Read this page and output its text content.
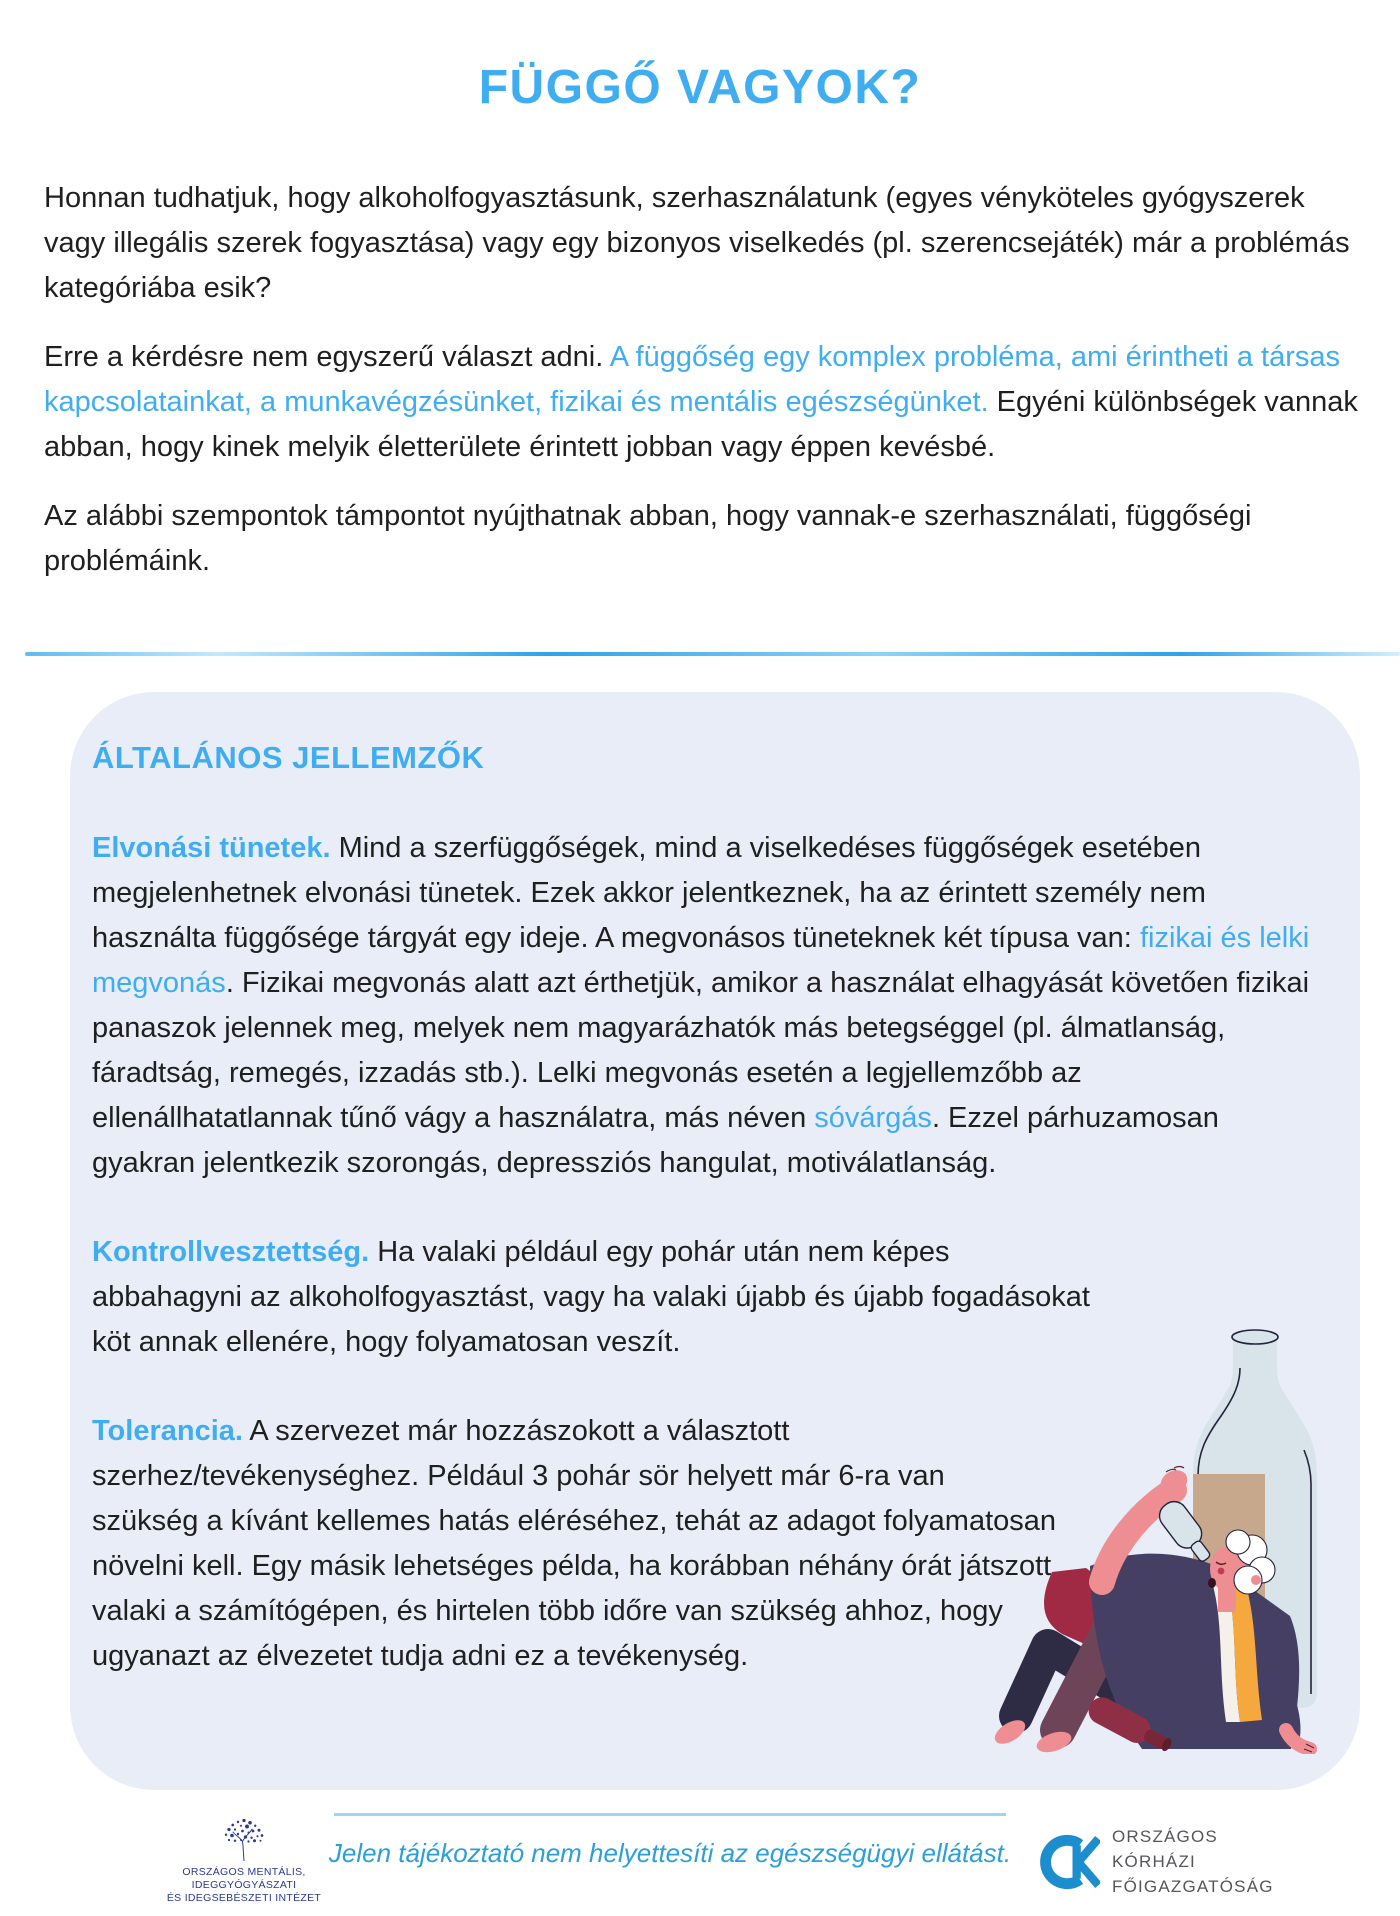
FÜGGŐ VAGYOK?

Honnan tudhatjuk, hogy alkoholfogyasztásunk, szerhasználatunk (egyes vényköteles gyógyszerek vagy illegális szerek fogyasztása) vagy egy bizonyos viselkedés (pl. szerencsejáték) már a problémás kategóriába esik?

Erre a kérdésre nem egyszerű választ adni. A függőség egy komplex probléma, ami érintheti a társas kapcsolatainkat, a munkavégzésünket, fizikai és mentális egészségünket. Egyéni különbségek vannak abban, hogy kinek melyik életterülete érintett jobban vagy éppen kevésbé.

Az alábbi szempontok támpontot nyújthatnak abban, hogy vannak-e szerhasználati, függőségi problémáink.

ÁLTALÁNOS JELLEMZŐK

Elvonási tünetek. Mind a szerfüggőségek, mind a viselkedéses függőségek esetében megjelenhetnek elvonási tünetek. Ezek akkor jelentkeznek, ha az érintett személy nem használta függősége tárgyát egy ideje. A megvonásos tüneteknek két típusa van: fizikai és lelki megvonás. Fizikai megvonás alatt azt érthetjük, amikor a használat elhagyását követően fizikai panaszok jelennek meg, melyek nem magyarázhatók más betegséggel (pl. álmatlanság, fáradtság, remegés, izzadás stb.). Lelki megvonás esetén a legjellemzőbb az ellenállhatatlannak tűnő vágy a használatra, más néven sóvárgás. Ezzel párhuzamosan gyakran jelentkezik szorongás, depressziós hangulat, motiválatlanság.

Kontrollvesztettség. Ha valaki például egy pohár után nem képes abbahagyni az alkoholfogyasztást, vagy ha valaki újabb és újabb fogadásokat köt annak ellenére, hogy folyamatosan veszít.

Tolerancia. A szervezet már hozzászokott a választott szerhez/tevékenységhez. Például 3 pohár sör helyett már 6-ra van szükség a kívánt kellemes hatás eléréséhez, tehát az adagot folyamatosan növelni kell. Egy másik lehetséges példa, ha korábban néhány órát játszott valaki a számítógépen, és hirtelen több időre van szükség ahhoz, hogy ugyanazt az élvezetet tudja adni ez a tevékenység.

Jelen tájékoztató nem helyettesíti az egészségügyi ellátást.
ORSZÁGOS MENTÁLIS, IDEGGYÓGYÁSZATI
ÉS IDEGSEBÉSZETI INTÉZET
ORSZÁGOS
KÓRHÁZI
FŐIGAZGATÓSÁG
